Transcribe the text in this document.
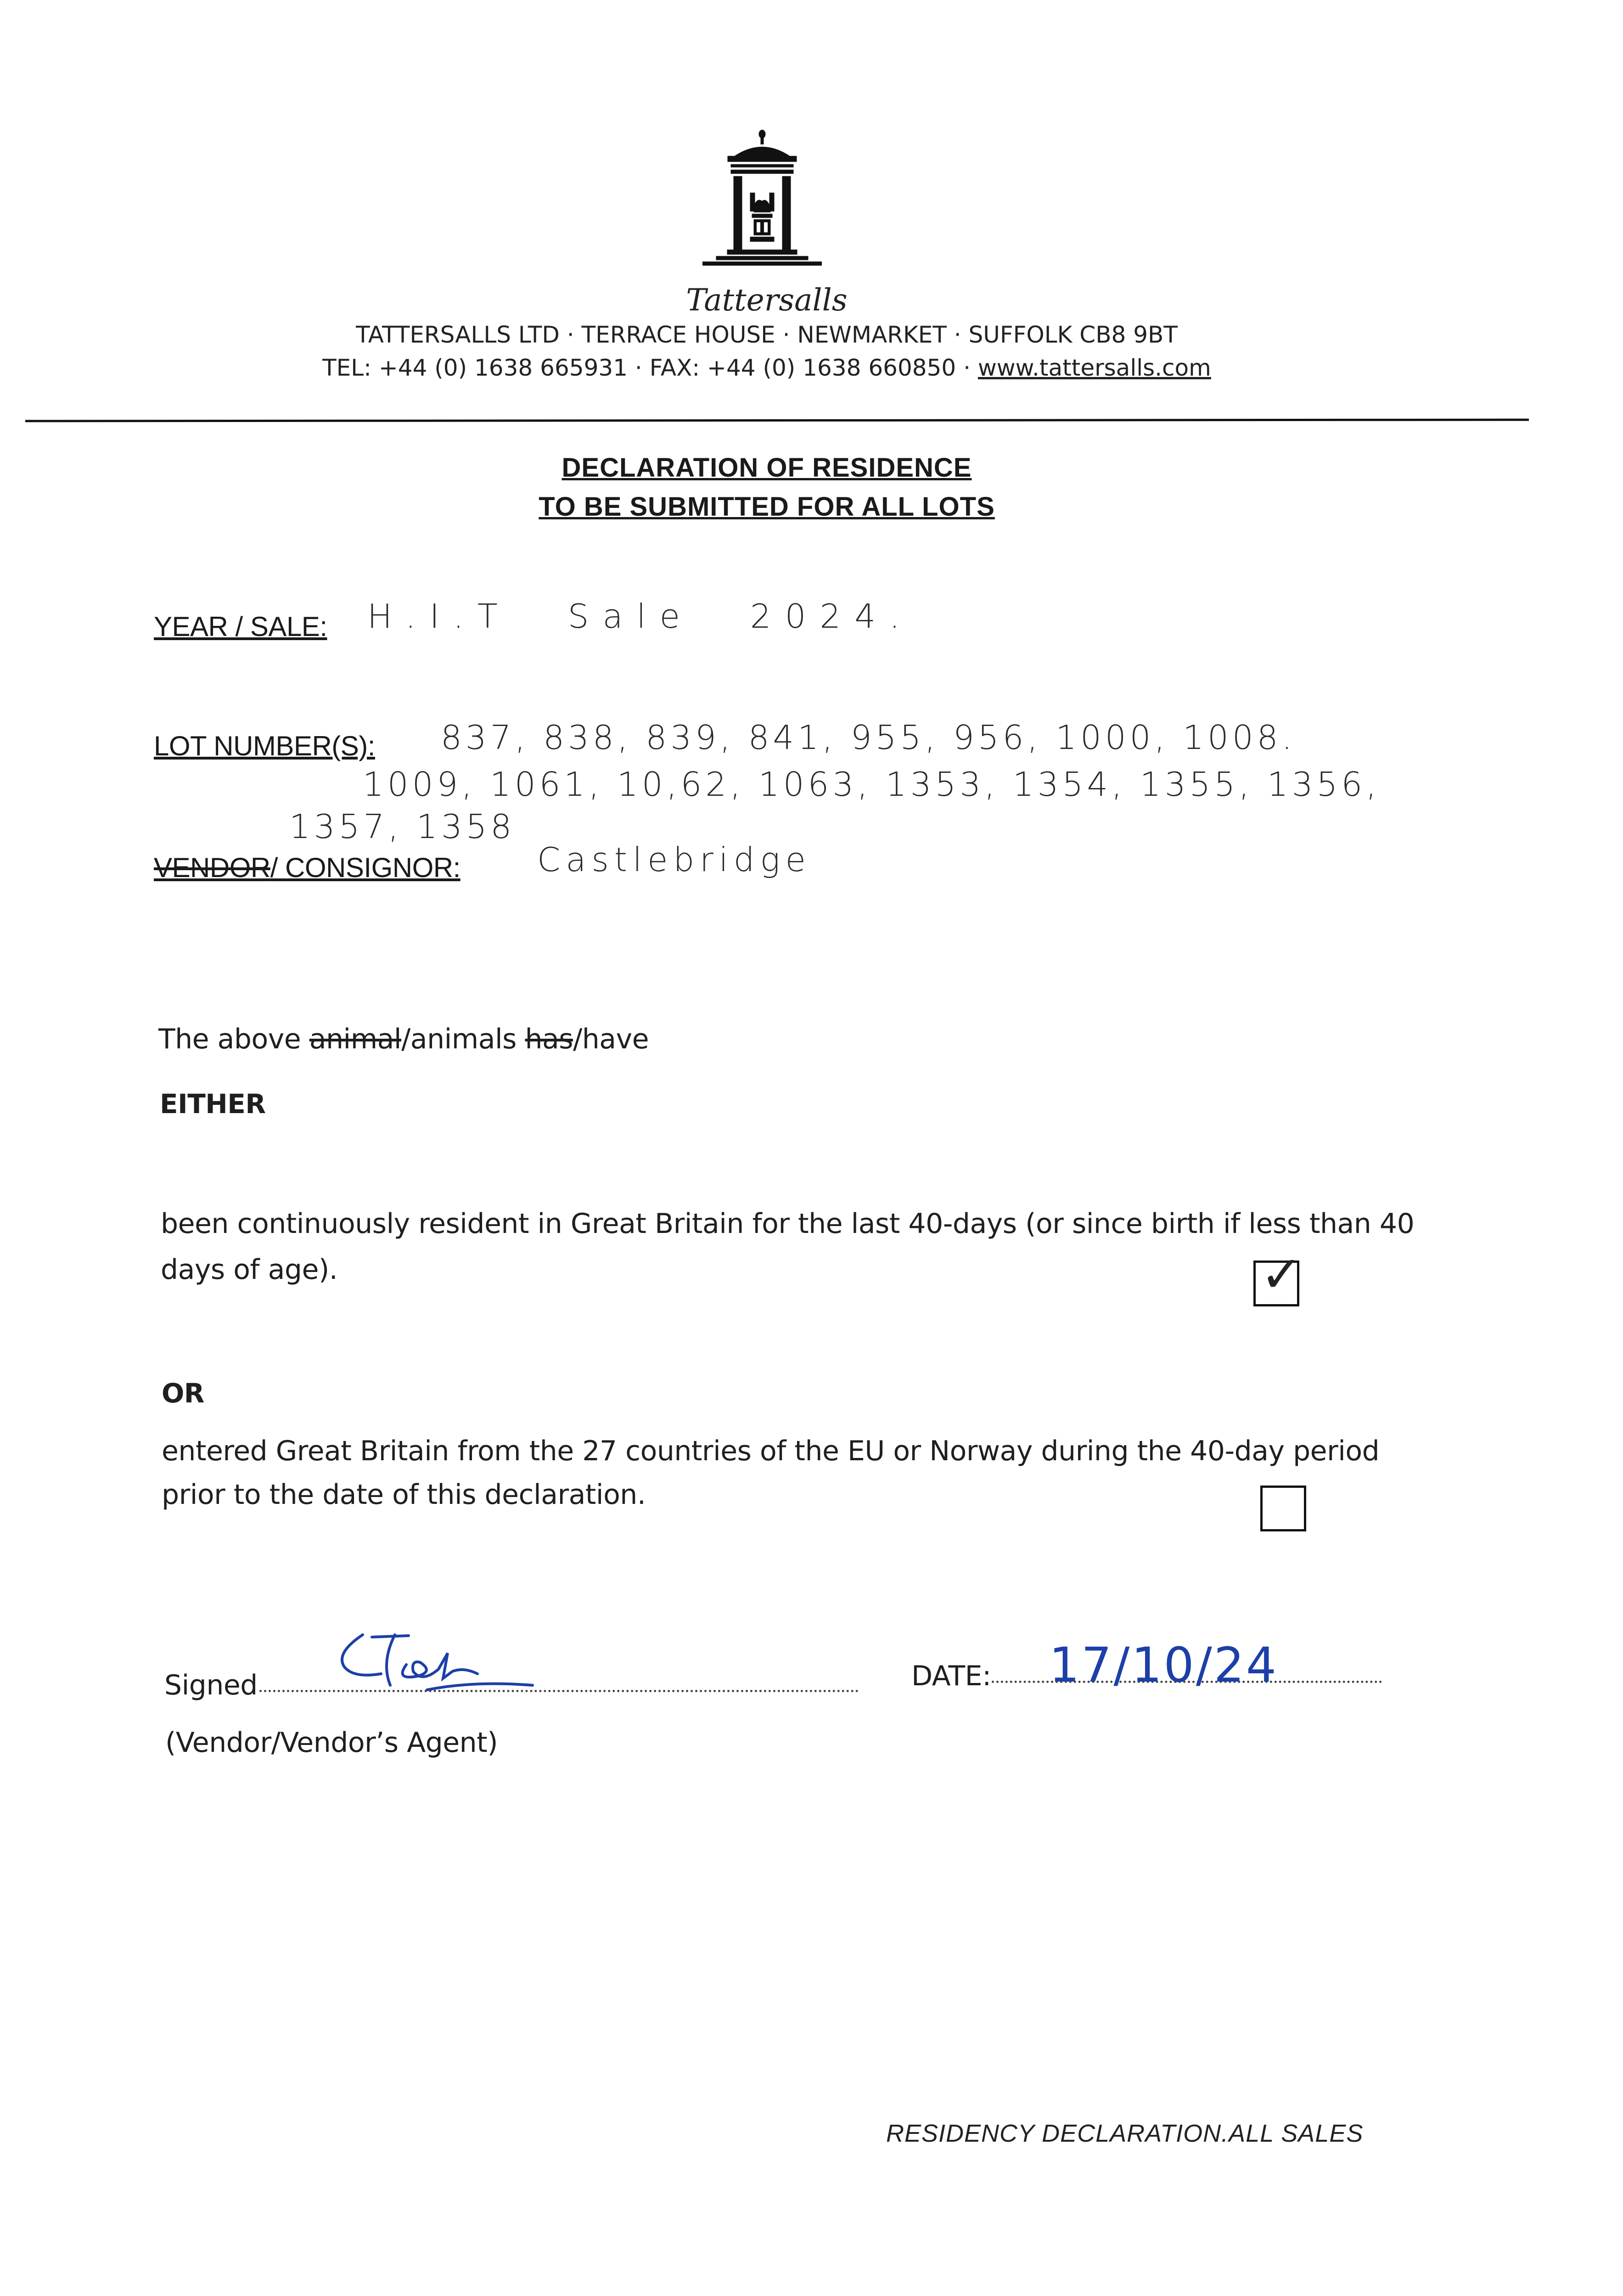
Tattersalls
TATTERSALLS LTD · TERRACE HOUSE · NEWMARKET · SUFFOLK CB8 9BT
TEL: +44 (0) 1638 665931 · FAX: +44 (0) 1638 660850 · www.tattersalls.com
DECLARATION OF RESIDENCE
TO BE SUBMITTED FOR ALL LOTS
YEAR / SALE: H.I.T Sale 2024.
LOT NUMBER(S): 837, 838, 839, 841, 955, 956, 1000, 1008.
1009, 1061, 10,62, 1063, 1353, 1354, 1355, 1356,
1357, 1358
VENDOR/ CONSIGNOR: Castlebridge
The above animal/animals has/have
EITHER
been continuously resident in Great Britain for the last 40-days (or since birth if less than 40
days of age).	✓
OR
entered Great Britain from the 27 countries of the EU or Norway during the 40-day period
prior to the date of this declaration.
Signed
(Vendor/Vendor’s Agent)
DATE: 17/10/24
RESIDENCY DECLARATION.ALL SALES
